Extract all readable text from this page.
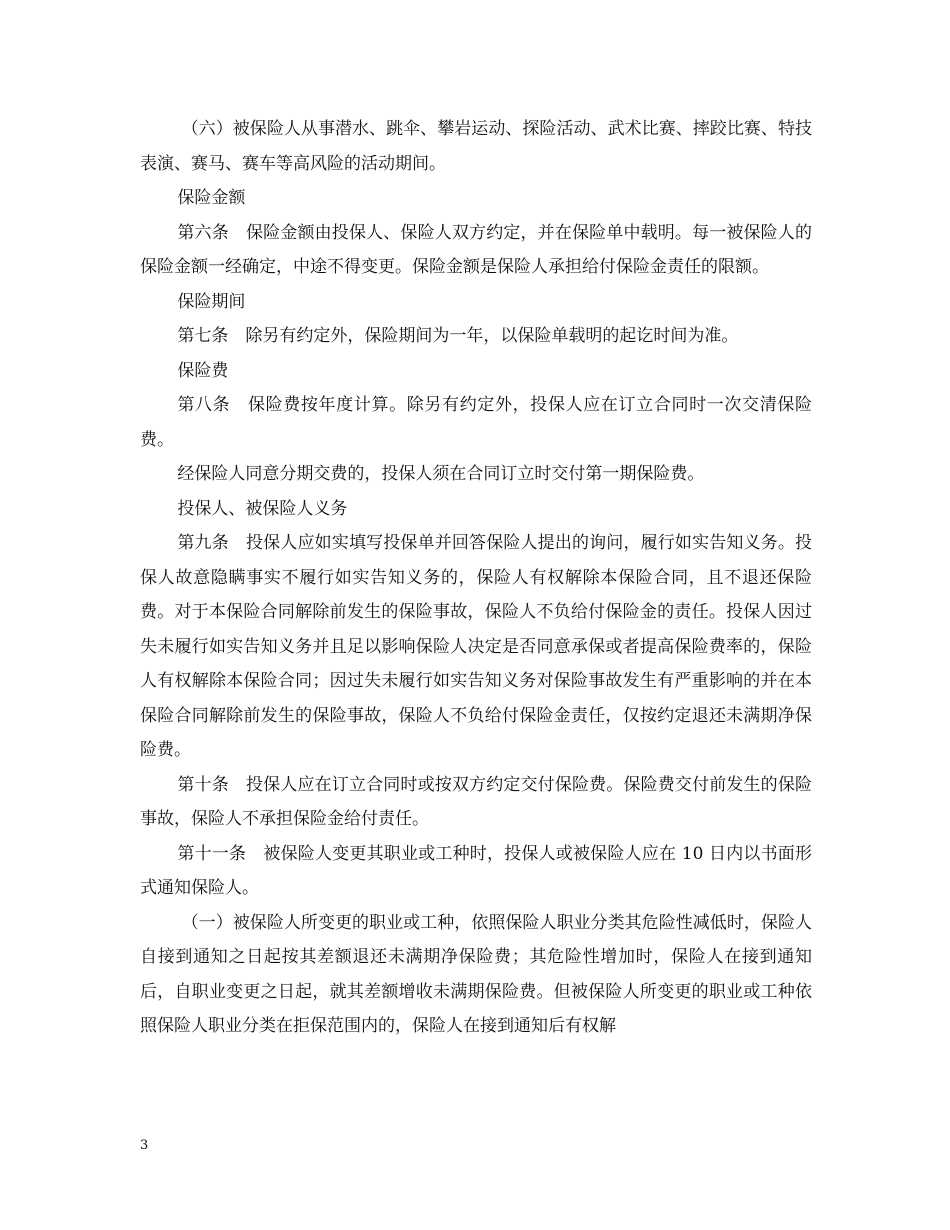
（六）被保险人从事潜水、跳伞、攀岩运动、探险活动、武术比赛、摔跤比赛、特技表演、赛马、赛车等高风险的活动期间。

保险金额

第六条　保险金额由投保人、保险人双方约定，并在保险单中载明。每一被保险人的保险金额一经确定，中途不得变更。保险金额是保险人承担给付保险金责任的限额。

保险期间

第七条　除另有约定外，保险期间为一年，以保险单载明的起讫时间为准。

保险费

第八条　保险费按年度计算。除另有约定外，投保人应在订立合同时一次交清保险费。

经保险人同意分期交费的，投保人须在合同订立时交付第一期保险费。

投保人、被保险人义务

第九条　投保人应如实填写投保单并回答保险人提出的询问，履行如实告知义务。投保人故意隐瞒事实不履行如实告知义务的，保险人有权解除本保险合同，且不退还保险费。对于本保险合同解除前发生的保险事故，保险人不负给付保险金的责任。投保人因过失未履行如实告知义务并且足以影响保险人决定是否同意承保或者提高保险费率的，保险人有权解除本保险合同；因过失未履行如实告知义务对保险事故发生有严重影响的并在本保险合同解除前发生的保险事故，保险人不负给付保险金责任，仅按约定退还未满期净保险费。

第十条　投保人应在订立合同时或按双方约定交付保险费。保险费交付前发生的保险事故，保险人不承担保险金给付责任。

第十一条　被保险人变更其职业或工种时，投保人或被保险人应在 10 日内以书面形式通知保险人。

（一）被保险人所变更的职业或工种，依照保险人职业分类其危险性减低时，保险人自接到通知之日起按其差额退还未满期净保险费；其危险性增加时，保险人在接到通知后，自职业变更之日起，就其差额增收未满期保险费。但被保险人所变更的职业或工种依照保险人职业分类在拒保范围内的，保险人在接到通知后有权解

3
